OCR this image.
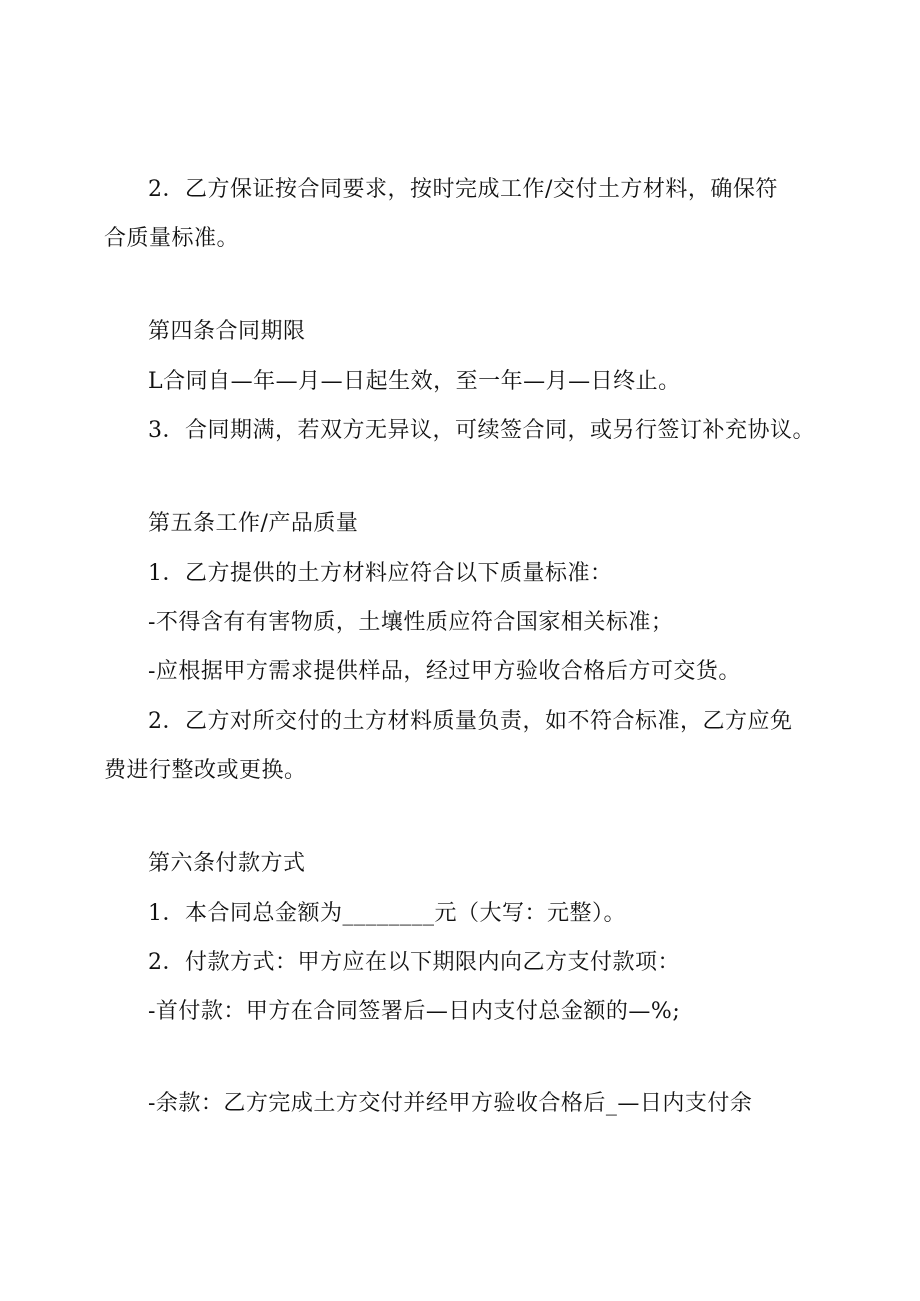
2．乙方保证按合同要求，按时完成工作/交付土方材料，确保符
合质量标准。
第四条合同期限
L合同自—年—月—日起生效，至一年—月—日终止。
3．合同期满，若双方无异议，可续签合同，或另行签订补充协议。
第五条工作/产品质量
1．乙方提供的土方材料应符合以下质量标准：
-不得含有有害物质，土壤性质应符合国家相关标准；
-应根据甲方需求提供样品，经过甲方验收合格后方可交货。
2．乙方对所交付的土方材料质量负责，如不符合标准，乙方应免
费进行整改或更换。
第六条付款方式
1．本合同总金额为________元（大写：元整）。
2．付款方式：甲方应在以下期限内向乙方支付款项：
-首付款：甲方在合同签署后—日内支付总金额的—%;
-余款：乙方完成土方交付并经甲方验收合格后_—日内支付余
